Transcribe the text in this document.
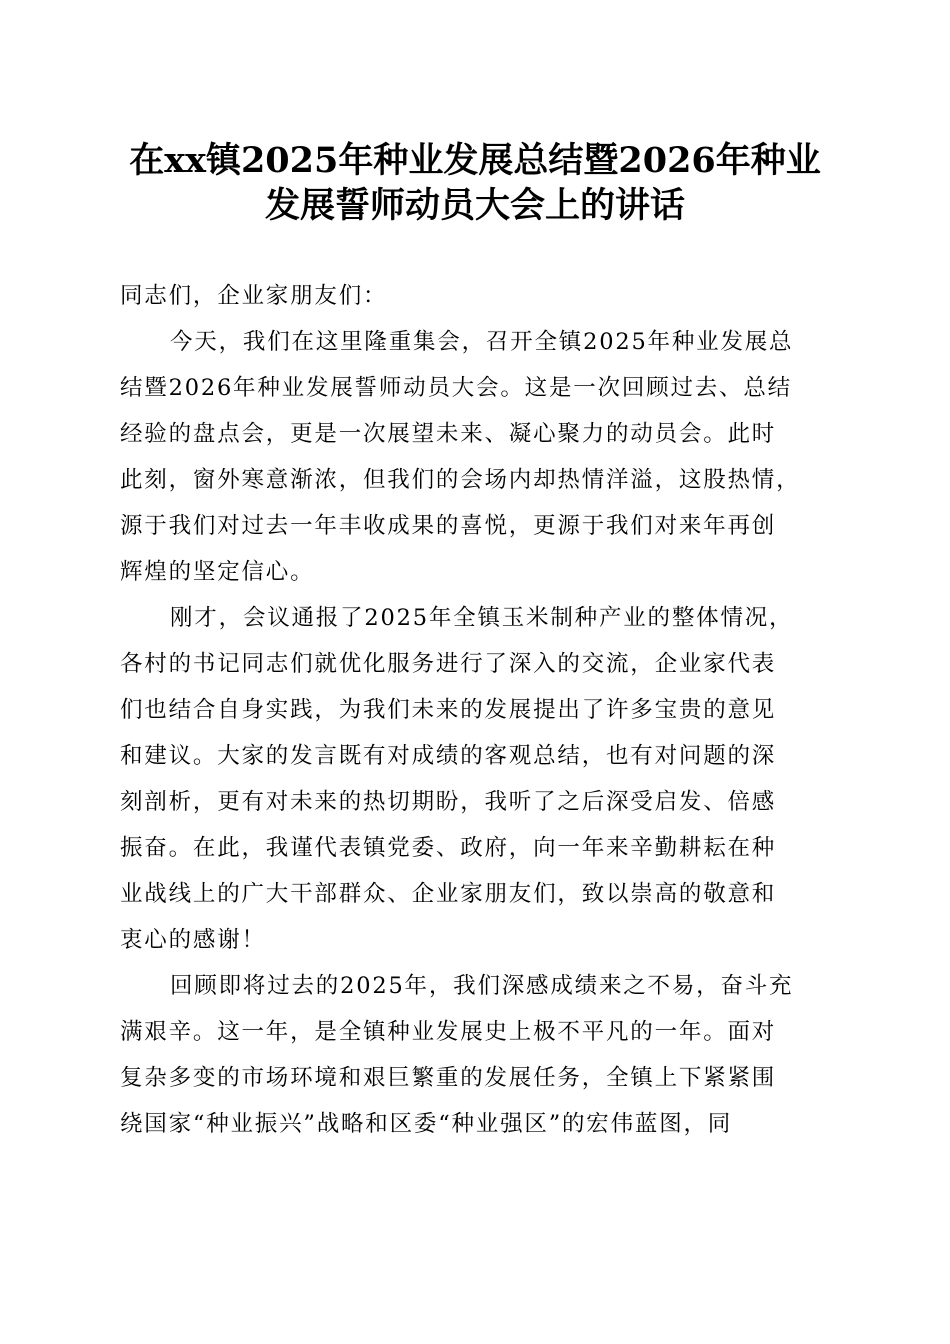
在xx镇2025年种业发展总结暨2026年种业
发展誓师动员大会上的讲话
同志们，企业家朋友们：
今天，我们在这里隆重集会，召开全镇2025年种业发展总
结暨2026年种业发展誓师动员大会。这是一次回顾过去、总结
经验的盘点会，更是一次展望未来、凝心聚力的动员会。此时
此刻，窗外寒意渐浓，但我们的会场内却热情洋溢，这股热情，
源于我们对过去一年丰收成果的喜悦，更源于我们对来年再创
辉煌的坚定信心。
刚才，会议通报了2025年全镇玉米制种产业的整体情况，
各村的书记同志们就优化服务进行了深入的交流，企业家代表
们也结合自身实践，为我们未来的发展提出了许多宝贵的意见
和建议。大家的发言既有对成绩的客观总结，也有对问题的深
刻剖析，更有对未来的热切期盼，我听了之后深受启发、倍感
振奋。在此，我谨代表镇党委、政府，向一年来辛勤耕耘在种
业战线上的广大干部群众、企业家朋友们，致以崇高的敬意和
衷心的感谢！
回顾即将过去的2025年，我们深感成绩来之不易，奋斗充
满艰辛。这一年，是全镇种业发展史上极不平凡的一年。面对
复杂多变的市场环境和艰巨繁重的发展任务，全镇上下紧紧围
绕国家“种业振兴”战略和区委“种业强区”的宏伟蓝图，同
